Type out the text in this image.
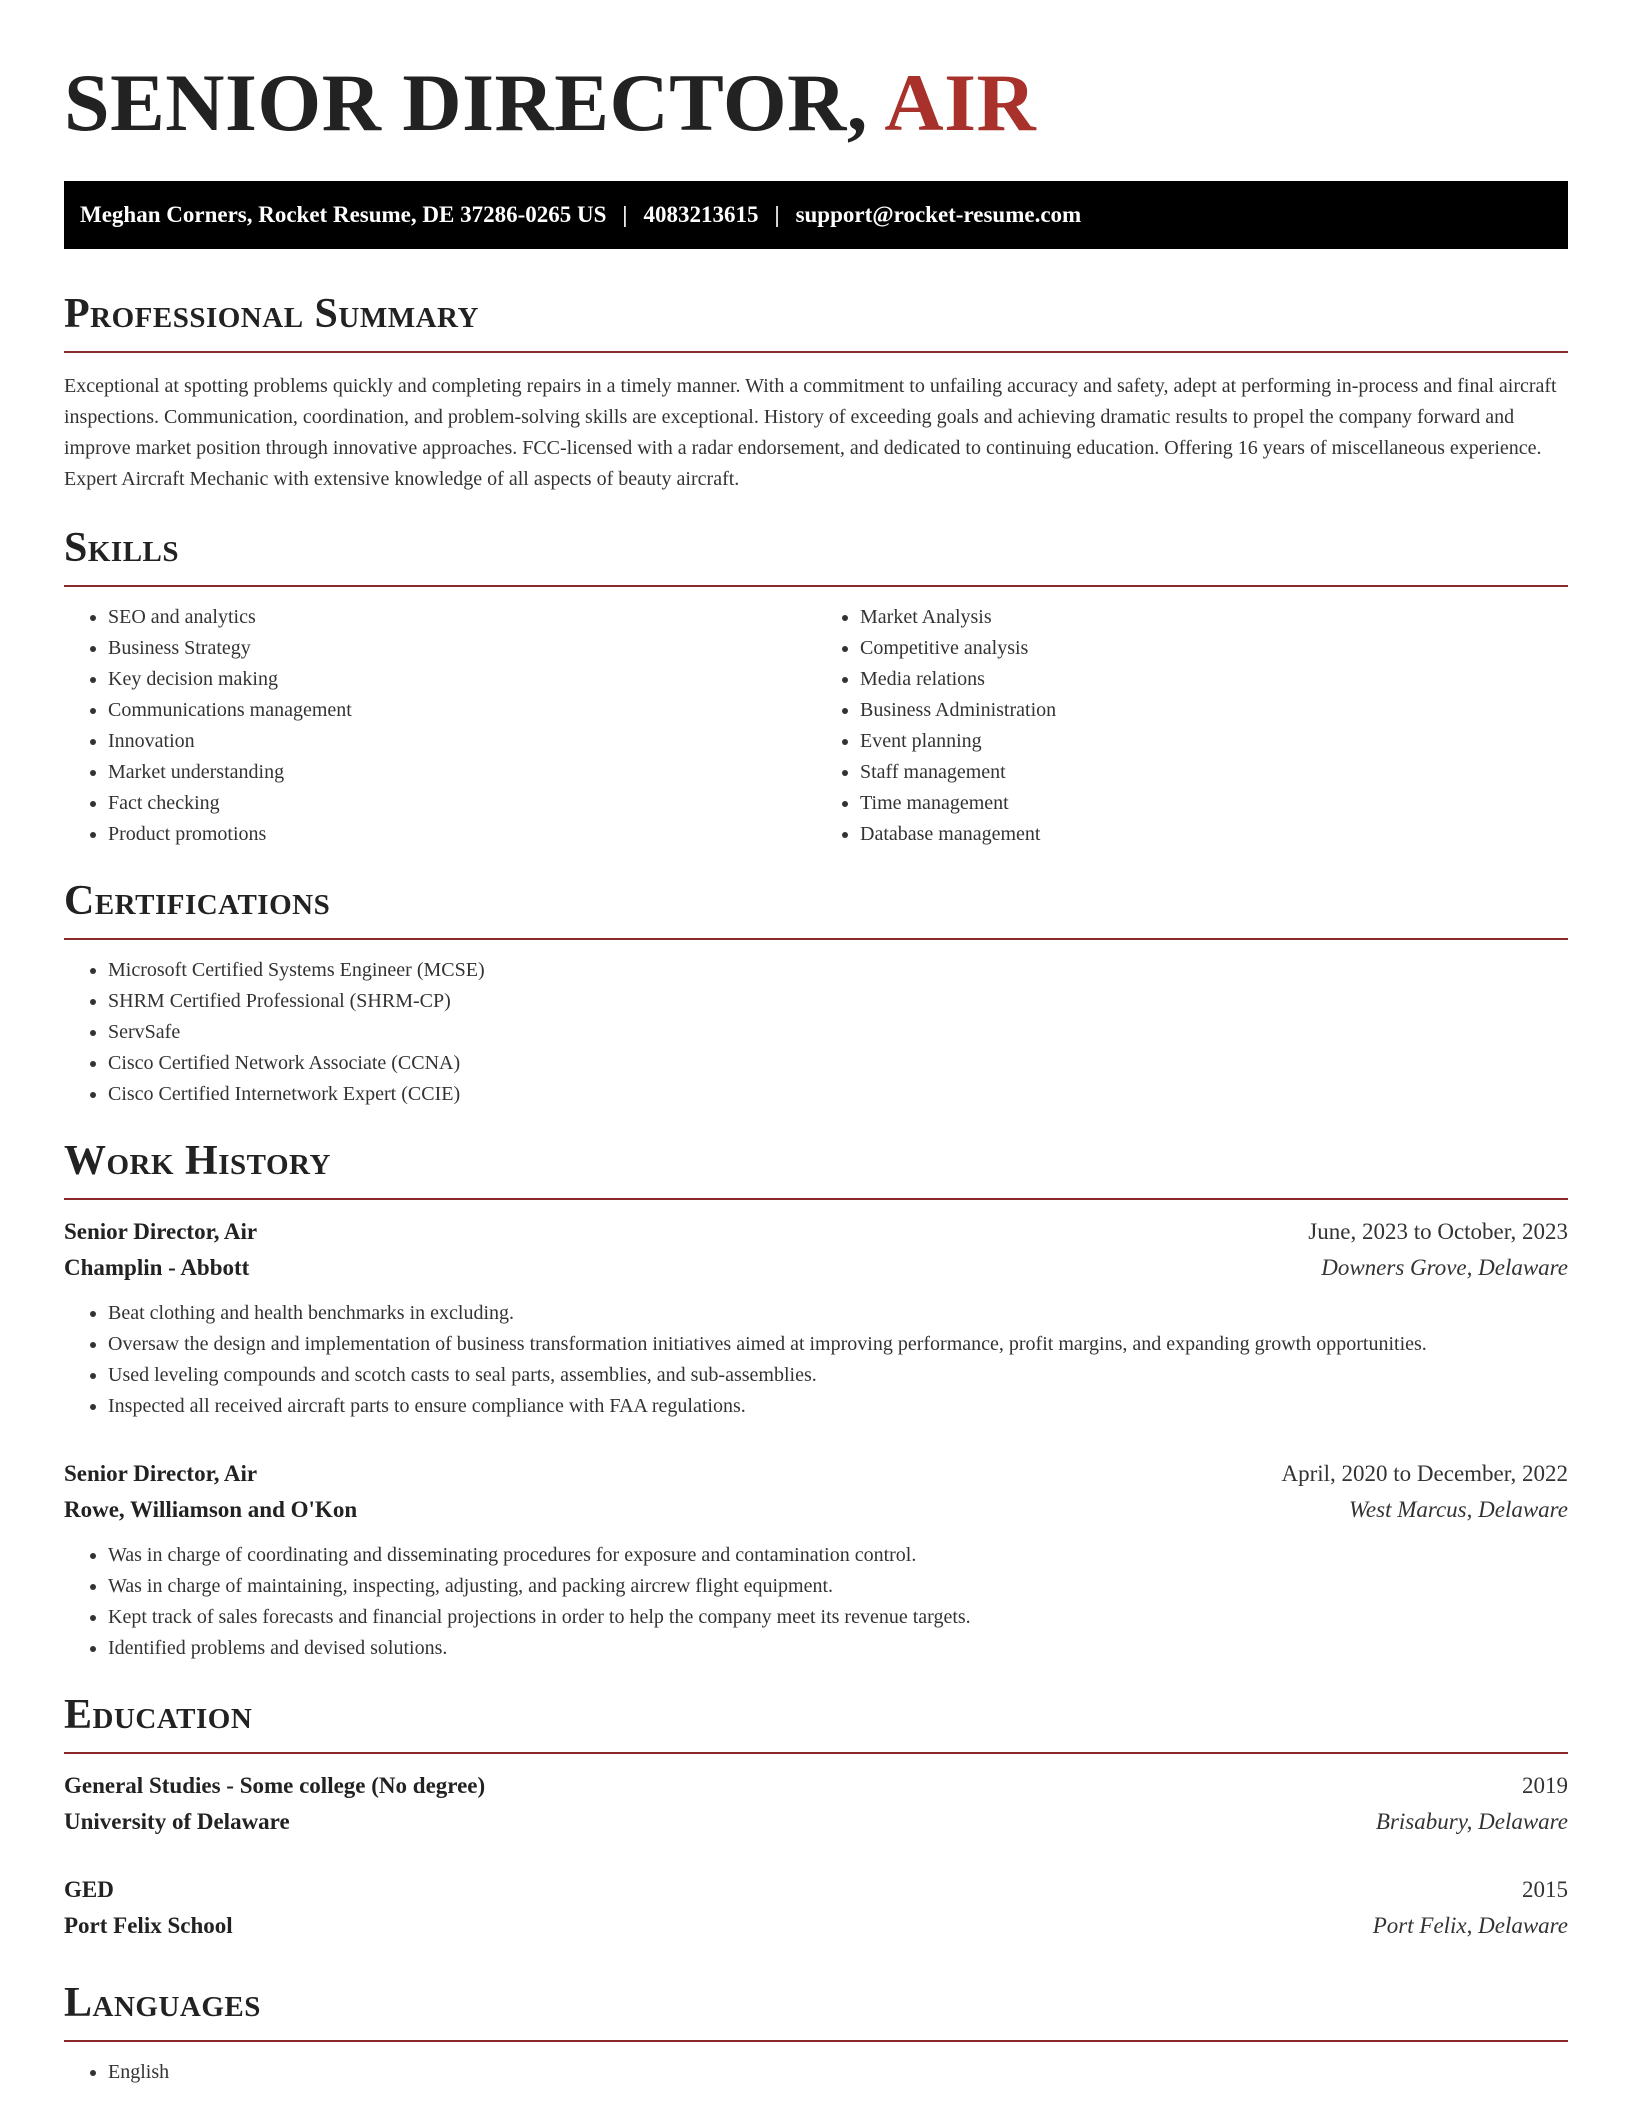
SENIOR DIRECTOR, AIR
Meghan Corners, Rocket Resume, DE 37286-0265 US | 4083213615 | support@rocket-resume.com
Professional Summary

Exceptional at spotting problems quickly and completing repairs in a timely manner. With a commitment to unfailing accuracy and safety, adept at performing in-process and final aircraft inspections. Communication, coordination, and problem-solving skills are exceptional. History of exceeding goals and achieving dramatic results to propel the company forward and improve market position through innovative approaches. FCC-licensed with a radar endorsement, and dedicated to continuing education. Offering 16 years of miscellaneous experience. Expert Aircraft Mechanic with extensive knowledge of all aspects of beauty aircraft.

Skills
• SEO and analytics
• Business Strategy
• Key decision making
• Communications management
• Innovation
• Market understanding
• Fact checking
• Product promotions
• Market Analysis
• Competitive analysis
• Media relations
• Business Administration
• Event planning
• Staff management
• Time management
• Database management
Certifications
• Microsoft Certified Systems Engineer (MCSE)
• SHRM Certified Professional (SHRM-CP)
• ServSafe
• Cisco Certified Network Associate (CCNA)
• Cisco Certified Internetwork Expert (CCIE)
Work History
Senior Director, Air	June, 2023 to October, 2023
Champlin - Abbott	Downers Grove, Delaware
• Beat clothing and health benchmarks in excluding.
• Oversaw the design and implementation of business transformation initiatives aimed at improving performance, profit margins, and expanding growth opportunities.
• Used leveling compounds and scotch casts to seal parts, assemblies, and sub-assemblies.
• Inspected all received aircraft parts to ensure compliance with FAA regulations.
Senior Director, Air	April, 2020 to December, 2022
Rowe, Williamson and O'Kon	West Marcus, Delaware
• Was in charge of coordinating and disseminating procedures for exposure and contamination control.
• Was in charge of maintaining, inspecting, adjusting, and packing aircrew flight equipment.
• Kept track of sales forecasts and financial projections in order to help the company meet its revenue targets.
• Identified problems and devised solutions.
Education
General Studies - Some college (No degree)	2019
University of Delaware	Brisabury, Delaware
GED	2015
Port Felix School	Port Felix, Delaware
Languages
• English
